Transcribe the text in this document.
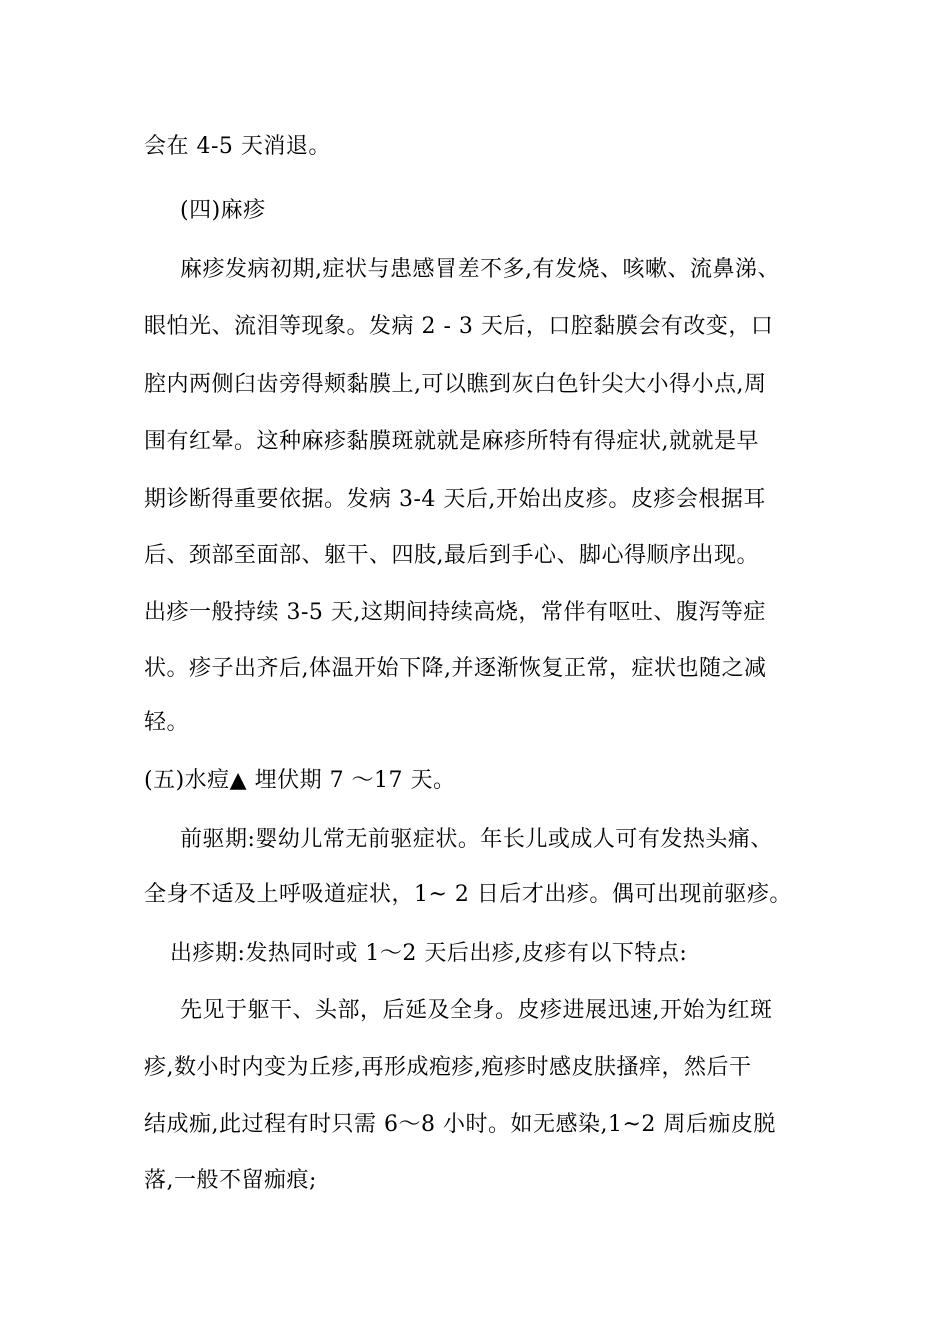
会在 4-5 天消退。
(四)麻疹
麻疹发病初期,症状与患感冒差不多,有发烧、咳嗽、流鼻涕、
眼怕光、流泪等现象。发病 2 - 3 天后，口腔黏膜会有改变，口
腔内两侧臼齿旁得颊黏膜上,可以瞧到灰白色针尖大小得小点,周
围有红晕。这种麻疹黏膜斑就就是麻疹所特有得症状,就就是早
期诊断得重要依据。发病 3-4 天后,开始出皮疹。皮疹会根据耳
后、颈部至面部、躯干、四肢,最后到手心、脚心得顺序出现。
出疹一般持续 3-5 天,这期间持续高烧，常伴有呕吐、腹泻等症
状。疹子出齐后,体温开始下降,并逐渐恢复正常，症状也随之减
轻。
(五)水痘▲ 埋伏期 7 ～17 天。
前驱期:婴幼儿常无前驱症状。年长儿或成人可有发热头痛、
全身不适及上呼吸道症状，1~ 2 日后才出疹。偶可出现前驱疹。
出疹期:发热同时或 1～2 天后出疹,皮疹有以下特点:
先见于躯干、头部，后延及全身。皮疹进展迅速,开始为红斑
疹,数小时内变为丘疹,再形成疱疹,疱疹时感皮肤搔痒，然后干
结成痂,此过程有时只需 6～8 小时。如无感染,1~2 周后痂皮脱
落,一般不留痂痕;
